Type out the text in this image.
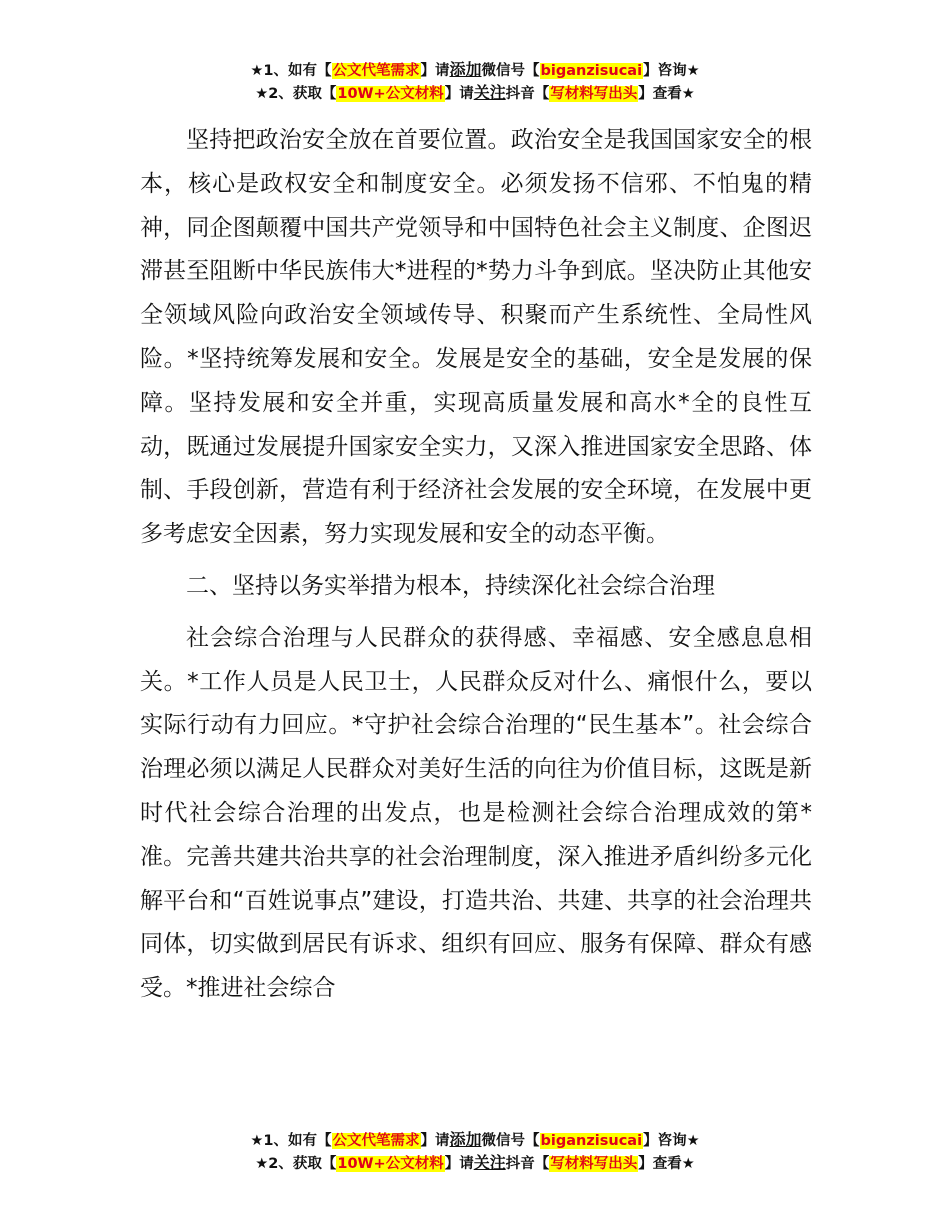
★1、如有【公文代笔需求】请添加微信号【biganzisucai】咨询★
★2、获取【10W+公文材料】请关注抖音【写材料写出头】查看★

坚持把政治安全放在首要位置。政治安全是我国国家安全的根本，核心是政权安全和制度安全。必须发扬不信邪、不怕鬼的精神，同企图颠覆中国共产党领导和中国特色社会主义制度、企图迟滞甚至阻断中华民族伟大*进程的*势力斗争到底。坚决防止其他安全领域风险向政治安全领域传导、积聚而产生系统性、全局性风险。*坚持统筹发展和安全。发展是安全的基础，安全是发展的保障。坚持发展和安全并重，实现高质量发展和高水*全的良性互动，既通过发展提升国家安全实力，又深入推进国家安全思路、体制、手段创新，营造有利于经济社会发展的安全环境，在发展中更多考虑安全因素，努力实现发展和安全的动态平衡。

二、坚持以务实举措为根本，持续深化社会综合治理

社会综合治理与人民群众的获得感、幸福感、安全感息息相关。*工作人员是人民卫士，人民群众反对什么、痛恨什么，要以实际行动有力回应。*守护社会综合治理的“民生基本”。社会综合治理必须以满足人民群众对美好生活的向往为价值目标，这既是新时代社会综合治理的出发点，也是检测社会综合治理成效的第*准。完善共建共治共享的社会治理制度，深入推进矛盾纠纷多元化解平台和“百姓说事点”建设，打造共治、共建、共享的社会治理共同体，切实做到居民有诉求、组织有回应、服务有保障、群众有感受。*推进社会综合

★1、如有【公文代笔需求】请添加微信号【biganzisucai】咨询★
★2、获取【10W+公文材料】请关注抖音【写材料写出头】查看★
